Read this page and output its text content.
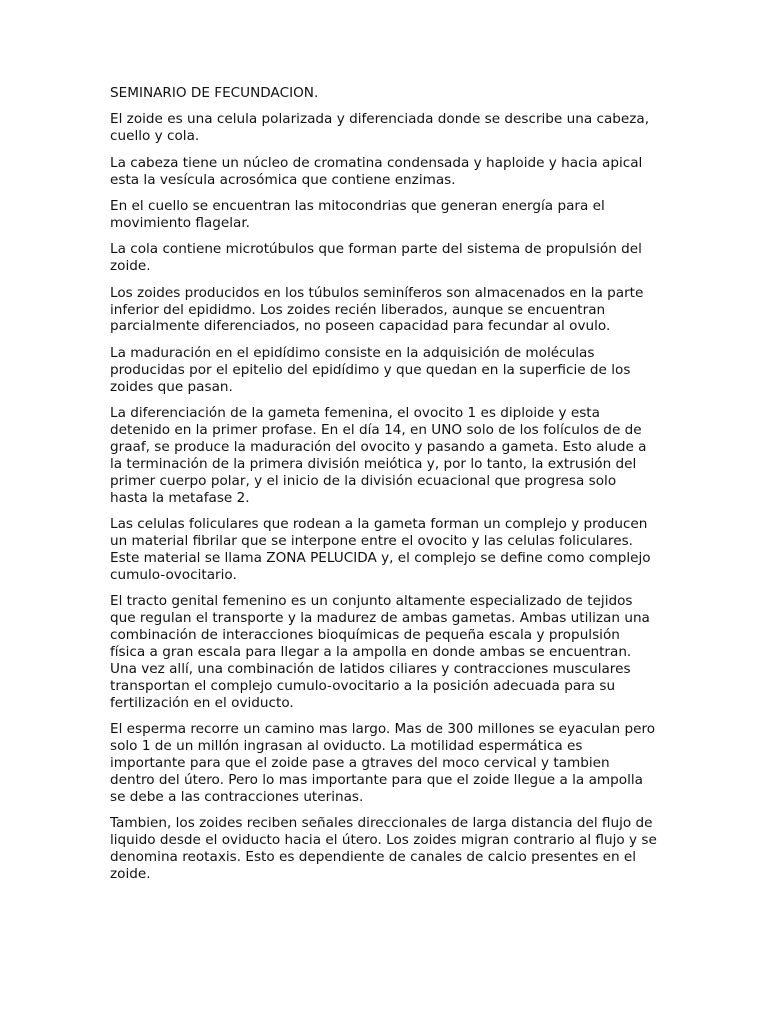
SEMINARIO DE FECUNDACION.

El zoide es una celula polarizada y diferenciada donde se describe una cabeza, cuello y cola.

La cabeza tiene un núcleo de cromatina condensada y haploide y hacia apical esta la vesícula acrosómica que contiene enzimas.

En el cuello se encuentran las mitocondrias que generan energía para el movimiento flagelar.

La cola contiene microtúbulos que forman parte del sistema de propulsión del zoide.

Los zoides producidos en los túbulos seminíferos son almacenados en la parte inferior del epididmo. Los zoides recién liberados, aunque se encuentran parcialmente diferenciados, no poseen capacidad para fecundar al ovulo.

La maduración en el epidídimo consiste en la adquisición de moléculas producidas por el epitelio del epidídimo y que quedan en la superficie de los zoides que pasan.

La diferenciación de la gameta femenina, el ovocito 1 es diploide y esta detenido en la primer profase. En el día 14, en UNO solo de los folículos de de graaf, se produce la maduración del ovocito y pasando a gameta. Esto alude a la terminación de la primera división meiótica y, por lo tanto, la extrusión del primer cuerpo polar, y el inicio de la división ecuacional que progresa solo hasta la metafase 2.

Las celulas foliculares que rodean a la gameta forman un complejo y producen un material fibrilar que se interpone entre el ovocito y las celulas foliculares. Este material se llama ZONA PELUCIDA y, el complejo se define como complejo cumulo-ovocitario.

El tracto genital femenino es un conjunto altamente especializado de tejidos que regulan el transporte y la madurez de ambas gametas. Ambas utilizan una combinación de interacciones bioquímicas de pequeña escala y propulsión física a gran escala para llegar a la ampolla en donde ambas se encuentran. Una vez allí, una combinación de latidos ciliares y contracciones musculares transportan el complejo cumulo-ovocitario a la posición adecuada para su fertilización en el oviducto.

El esperma recorre un camino mas largo. Mas de 300 millones se eyaculan pero solo 1 de un millón ingrasan al oviducto. La motilidad espermática es importante para que el zoide pase a gtraves del moco cervical y tambien dentro del útero. Pero lo mas importante para que el zoide llegue a la ampolla se debe a las contracciones uterinas.

Tambien, los zoides reciben señales direccionales de larga distancia del flujo de liquido desde el oviducto hacia el útero. Los zoides migran contrario al flujo y se denomina reotaxis. Esto es dependiente de canales de calcio presentes en el zoide.
